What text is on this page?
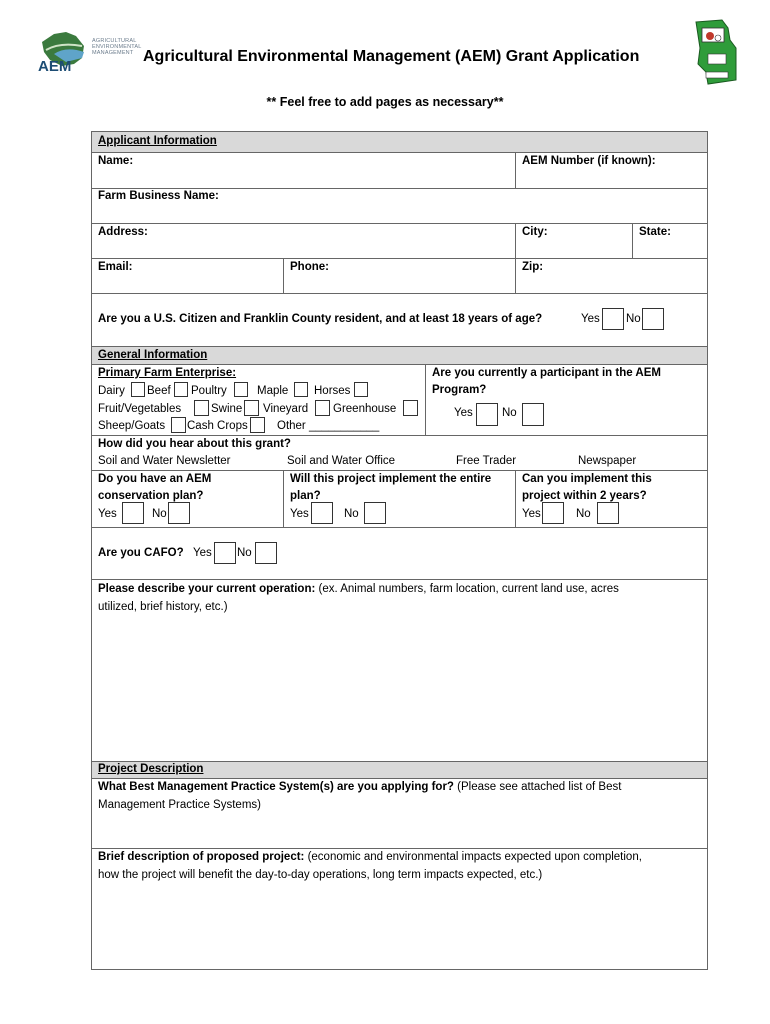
AGRICULTURAL
ENVIRONMENTAL
MANAGEMENT
AEM
Agricultural Environmental Management (AEM) Grant Application
** Feel free to add pages as necessary**
Applicant Information
Name:	AEM Number (if known):
Farm Business Name:
Address:	City:	State:
Email:	Phone:	Zip:
Are you a U.S. Citizen and Franklin County resident, and at least 18 years of age?	Yes No
General Information
Primary Farm Enterprise:
Dairy Beef Poultry	Maple Horses
Fruit/Vegetables	Swine Vineyard Greenhouse
Sheep/Goats Cash Crops	Other ___________
Are you currently a participant in the AEM
Program?
Yes	No
How did you hear about this grant?
Soil and Water Newsletter	Soil and Water Office	Free Trader	Newspaper
Do you have an AEM
conservation plan?
Yes	No
Will this project implement the entire
plan?
Yes	No
Can you implement this
project within 2 years?
Yes	No
Are you CAFO? Yes No
Please describe your current operation: (ex. Animal numbers, farm location, current land use, acres
utilized, brief history, etc.)
Project Description
What Best Management Practice System(s) are you applying for? (Please see attached list of Best
Management Practice Systems)
Brief description of proposed project: (economic and environmental impacts expected upon completion,
how the project will benefit the day-to-day operations, long term impacts expected, etc.)
